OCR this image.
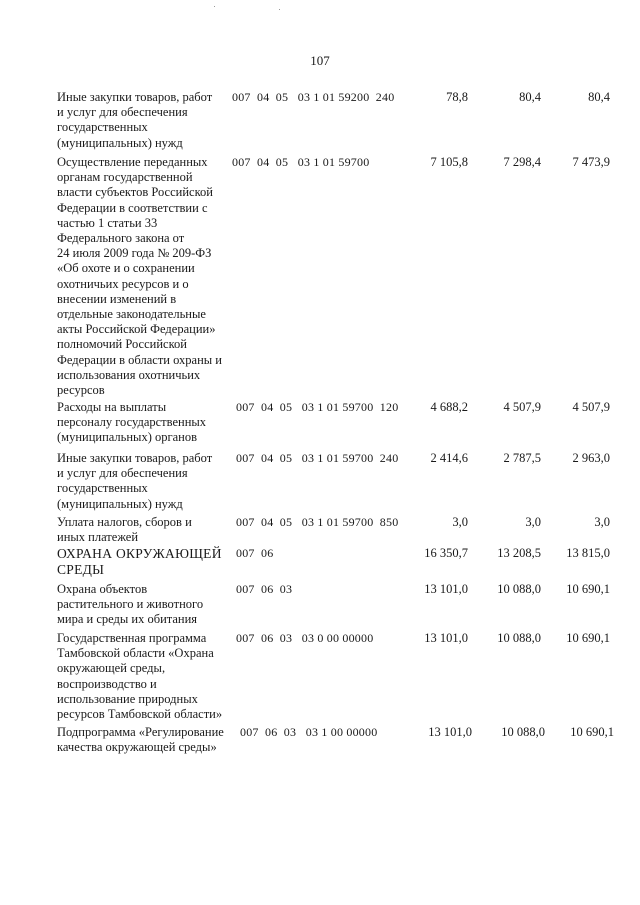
107
Иные закупки товаров, работ
и услуг для обеспечения
государственных
(муниципальных) нужд
007  04  05   03 1 01 59200  240	78,8	80,4	80,4
Осуществление переданных
органам государственной
власти субъектов Российской
Федерации в соответствии с
частью 1 статьи 33
Федерального закона от
24 июля 2009 года № 209-ФЗ
«Об охоте и о сохранении
охотничьих ресурсов и о
внесении изменений в
отдельные законодательные
акты Российской Федерации»
полномочий Российской
Федерации в области охраны и
использования охотничьих
ресурсов
007  04  05   03 1 01 59700	7 105,8	7 298,4	7 473,9
Расходы на выплаты
персоналу государственных
(муниципальных) органов
007  04  05   03 1 01 59700  120	4 688,2	4 507,9	4 507,9
Иные закупки товаров, работ
и услуг для обеспечения
государственных
(муниципальных) нужд
007  04  05   03 1 01 59700  240	2 414,6	2 787,5	2 963,0
Уплата налогов, сборов и
иных платежей
007  04  05   03 1 01 59700  850	3,0	3,0	3,0
ОХРАНА ОКРУЖАЮЩЕЙ
СРЕДЫ
007  06	16 350,7	13 208,5	13 815,0
Охрана объектов
растительного и животного
мира и среды их обитания
007  06  03	13 101,0	10 088,0	10 690,1
Государственная программа
Тамбовской области «Охрана
окружающей среды,
воспроизводство и
использование природных
ресурсов Тамбовской области»
007  06  03   03 0 00 00000	13 101,0	10 088,0	10 690,1
Подпрограмма «Регулирование
качества окружающей среды»
007  06  03   03 1 00 00000	13 101,0	10 088,0	10 690,1
